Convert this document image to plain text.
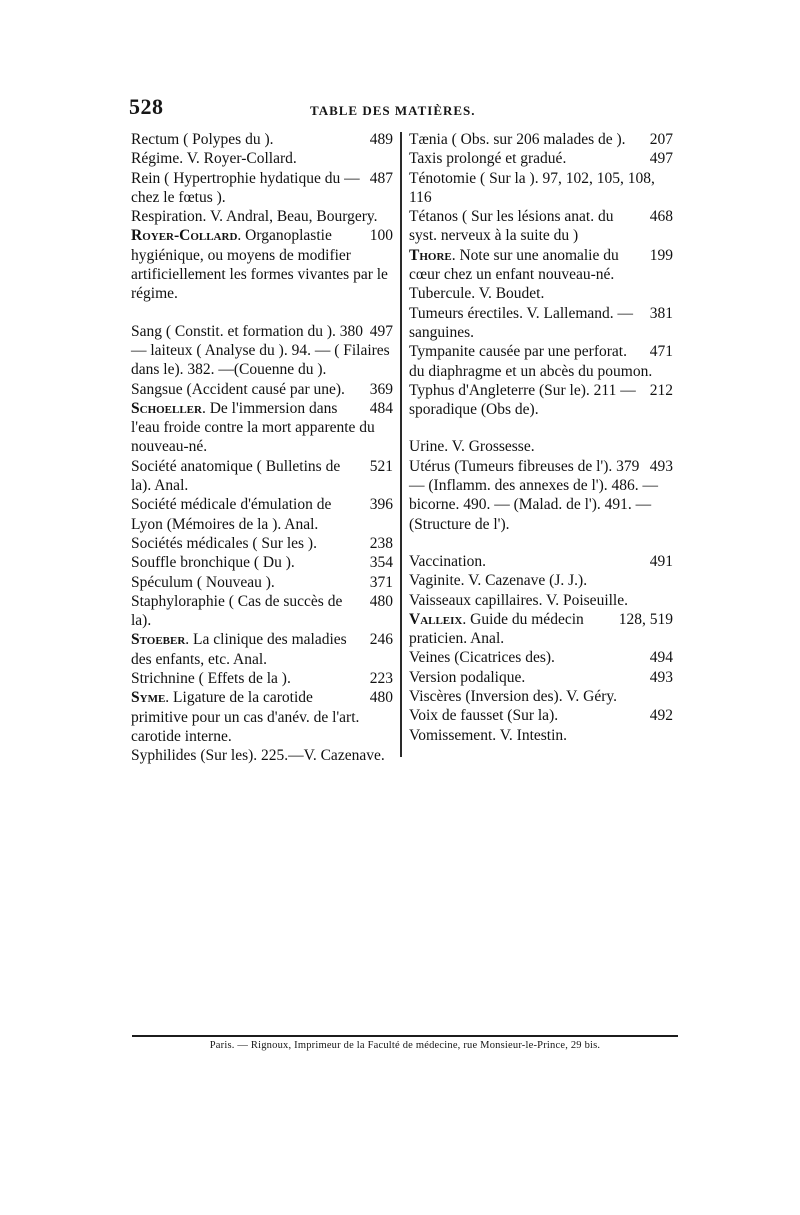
528	TABLE DES MATIÈRES.
489
Rectum ( Polypes du ).
Régime. V. Royer-Collard.
487
Rein ( Hypertrophie hydatique du — chez le fœtus ).
Respiration. V. Andral, Beau, Bourgery.
100
Royer-Collard. Organoplastie hygiénique, ou moyens de modifier artificiellement les formes vivantes par le régime.
497
Sang ( Constit. et formation du ). 380 — laiteux ( Analyse du ). 94. — ( Filaires dans le). 382. —(Couenne du ).
369
Sangsue (Accident causé par une).
484
Schoeller. De l'immersion dans l'eau froide contre la mort apparente du nouveau-né.
521
Société anatomique ( Bulletins de la). Anal.
396
Société médicale d'émulation de Lyon (Mémoires de la ). Anal.
238
Sociétés médicales ( Sur les ).
354
Souffle bronchique ( Du ).
371
Spéculum ( Nouveau ).
480
Staphyloraphie ( Cas de succès de la).
246
Stoeber. La clinique des maladies des enfants, etc. Anal.
223
Strichnine ( Effets de la ).
480
Syme. Ligature de la carotide primitive pour un cas d'anév. de l'art. carotide interne.
Syphilides (Sur les). 225.—V. Cazenave.
207
Tænia ( Obs. sur 206 malades de ).
497
Taxis prolongé et gradué.
Ténotomie ( Sur la ). 97, 102, 105, 108, 116
468
Tétanos ( Sur les lésions anat. du syst. nerveux à la suite du )
199
Thore. Note sur une anomalie du cœur chez un enfant nouveau-né.
Tubercule. V. Boudet.
381
Tumeurs érectiles. V. Lallemand. — sanguines.
471
Tympanite causée par une perforat. du diaphragme et un abcès du poumon.
212
Typhus d'Angleterre (Sur le). 211 — sporadique (Obs de).
Urine. V. Grossesse.
493
Utérus (Tumeurs fibreuses de l'). 379 — (Inflamm. des annexes de l'). 486. — bicorne. 490. — (Malad. de l'). 491. — (Structure de l').
491
Vaccination.
Vaginite. V. Cazenave (J. J.).
Vaisseaux capillaires. V. Poiseuille.
128, 519
Valleix. Guide du médecin praticien. Anal.
494
Veines (Cicatrices des).
493
Version podalique.
Viscères (Inversion des). V. Géry.
492
Voix de fausset (Sur la).
Vomissement. V. Intestin.
Paris. — Rignoux, Imprimeur de la Faculté de médecine, rue Monsieur-le-Prince, 29 bis.
